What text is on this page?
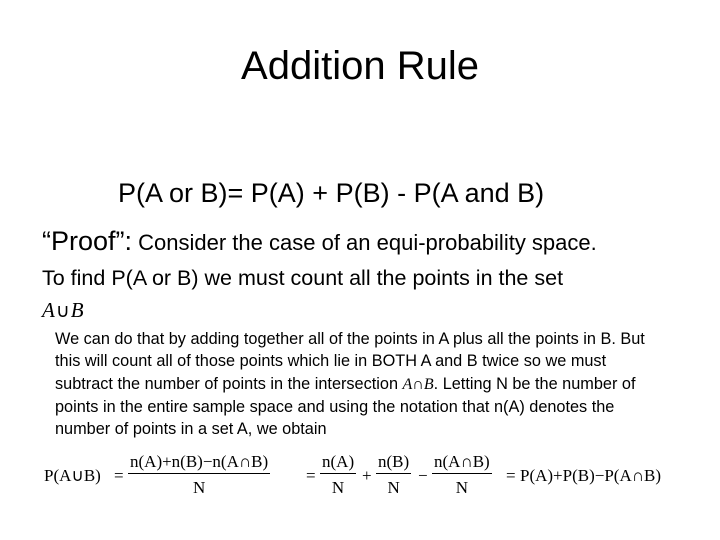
Addition Rule
P(A or B)= P(A) + P(B) - P(A and B)
“Proof”: Consider the case of an equi-probability space.
To find P(A or B) we must count all the points in the set
A∪B
We can do that by adding together all of the points in A plus all the points in B. But this will count all of those points which lie in BOTH A and B twice so we must subtract the number of points in the intersection A∩B. Letting N be the number of points in the entire sample space and using the notation that n(A) denotes the number of points in a set A, we obtain
P(A∪B) = $\frac{n(A)+n(B)-n(A\cap B)}{N} = \frac{n(A)}{N} + \frac{n(B)}{N} - \frac{n(A\cap B)}{N}$ = P(A)+P(B)−P(A∩B)
